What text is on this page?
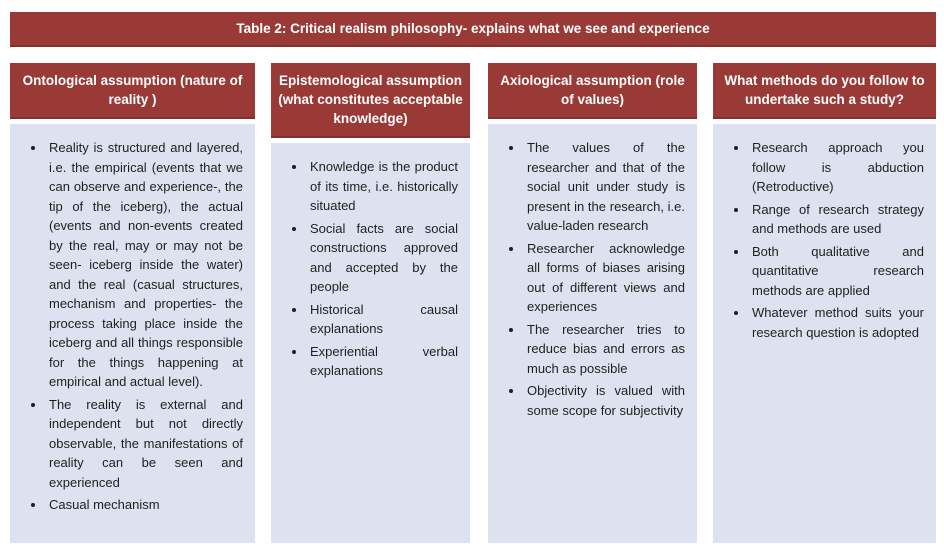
Table 2: Critical realism philosophy- explains what we see and experience
Ontological assumption (nature of reality )
• Reality is structured and layered, i.e. the empirical (events that we can observe and experience-, the tip of the iceberg), the actual (events and non-events created by the real, may or may not be seen- iceberg inside the water) and the real (casual structures, mechanism and properties- the process taking place inside the iceberg and all things responsible for the things happening at empirical and actual level).
• The reality is external and independent but not directly observable, the manifestations of reality can be seen and experienced
• Casual mechanism
Epistemological assumption (what constitutes acceptable knowledge)
• Knowledge is the product of its time, i.e. historically situated
• Social facts are social constructions approved and accepted by the people
• Historical causal explanations
• Experiential verbal explanations
Axiological assumption (role of values)
• The values of the researcher and that of the social unit under study is present in the research, i.e. value-laden research
• Researcher acknowledge all forms of biases arising out of different views and experiences
• The researcher tries to reduce bias and errors as much as possible
• Objectivity is valued with some scope for subjectivity
What methods do you follow to undertake such a study?
• Research approach you follow is abduction (Retroductive)
• Range of research strategy and methods are used
• Both qualitative and quantitative research methods are applied
• Whatever method suits your research question is adopted
